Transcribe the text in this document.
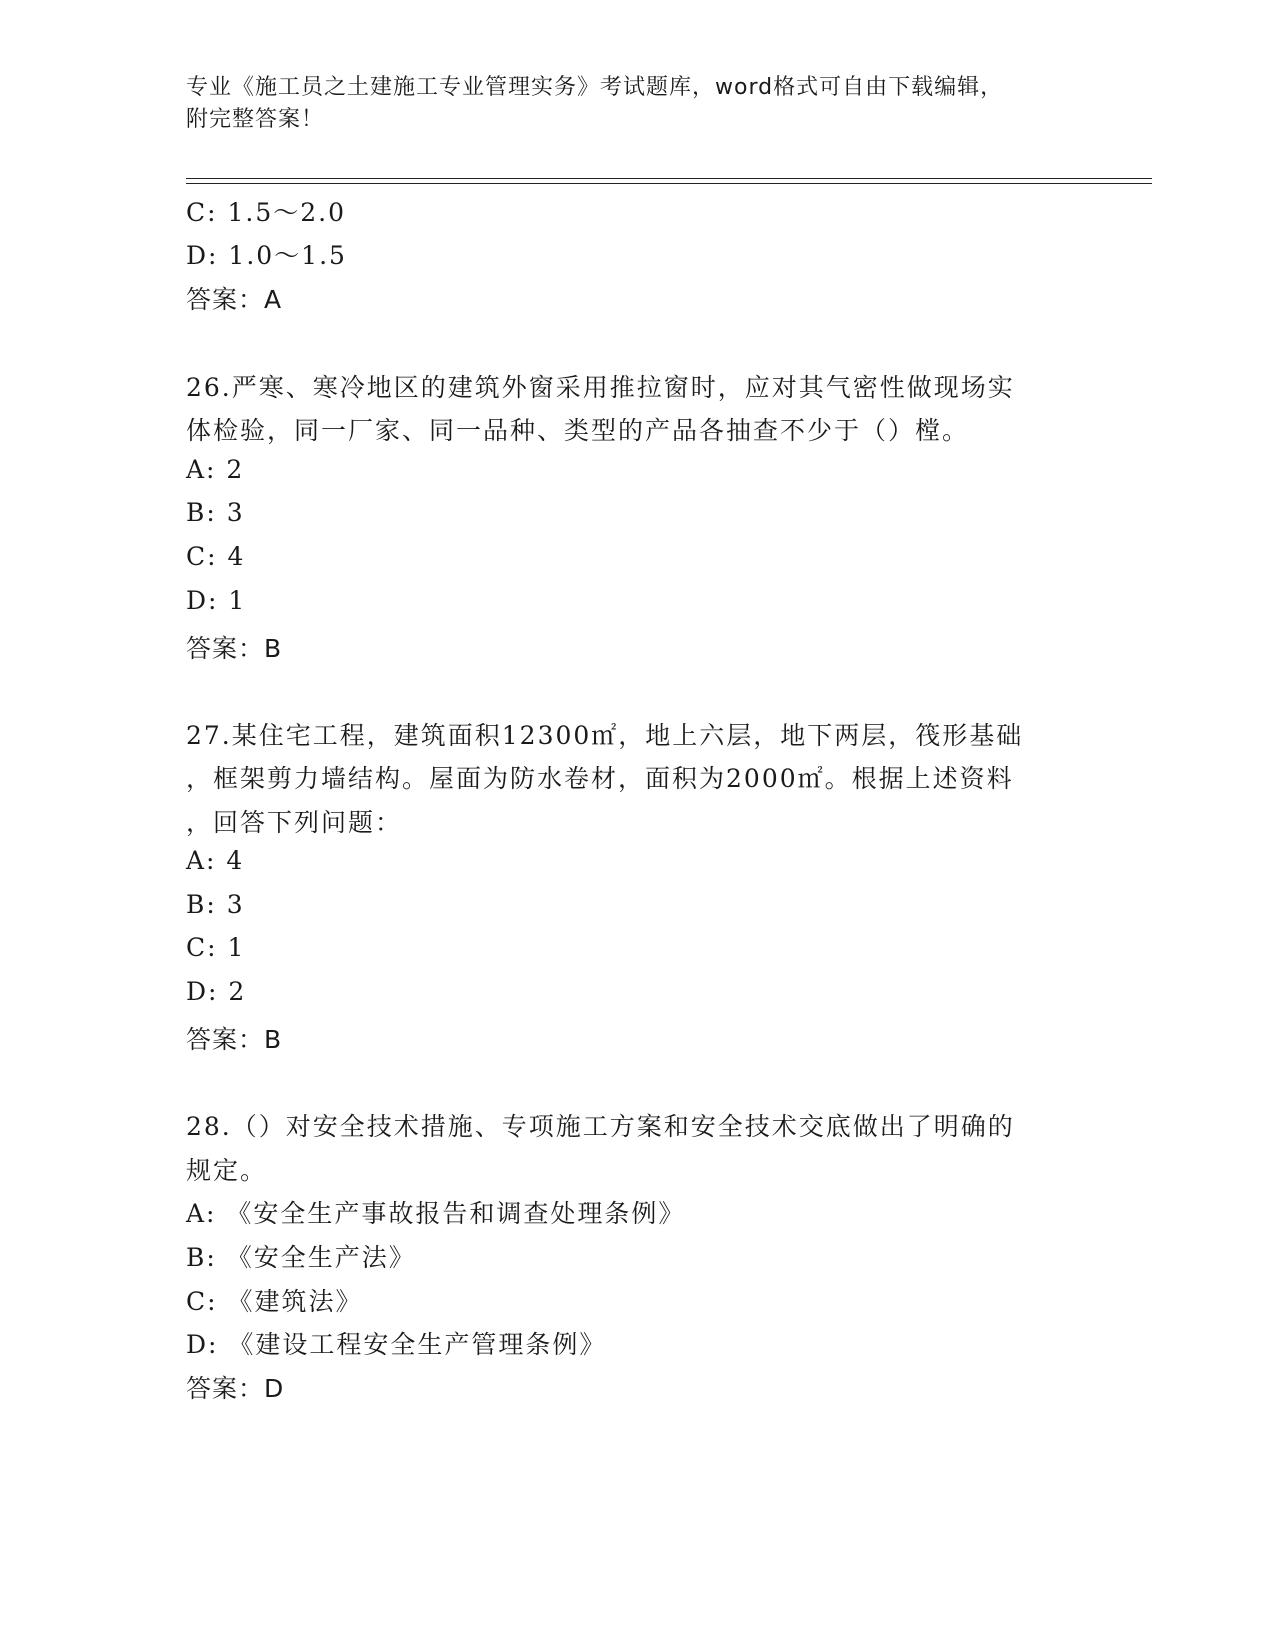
专业《施工员之土建施工专业管理实务》考试题库，word格式可自由下载编辑，
附完整答案！
C: 1.5～2.0
D: 1.0～1.5
答案：A
26.严寒、寒冷地区的建筑外窗采用推拉窗时，应对其气密性做现场实
体检验，同一厂家、同一品种、类型的产品各抽查不少于（）樘。
A: 2
B: 3
C: 4
D: 1
答案：B
27.某住宅工程，建筑面积12300㎡，地上六层，地下两层，筏形基础
，框架剪力墙结构。屋面为防水卷材，面积为2000㎡。根据上述资料
，回答下列问题：
A: 4
B: 3
C: 1
D: 2
答案：B
28.（）对安全技术措施、专项施工方案和安全技术交底做出了明确的
规定。
A: 《安全生产事故报告和调查处理条例》
B: 《安全生产法》
C: 《建筑法》
D: 《建设工程安全生产管理条例》
答案：D
